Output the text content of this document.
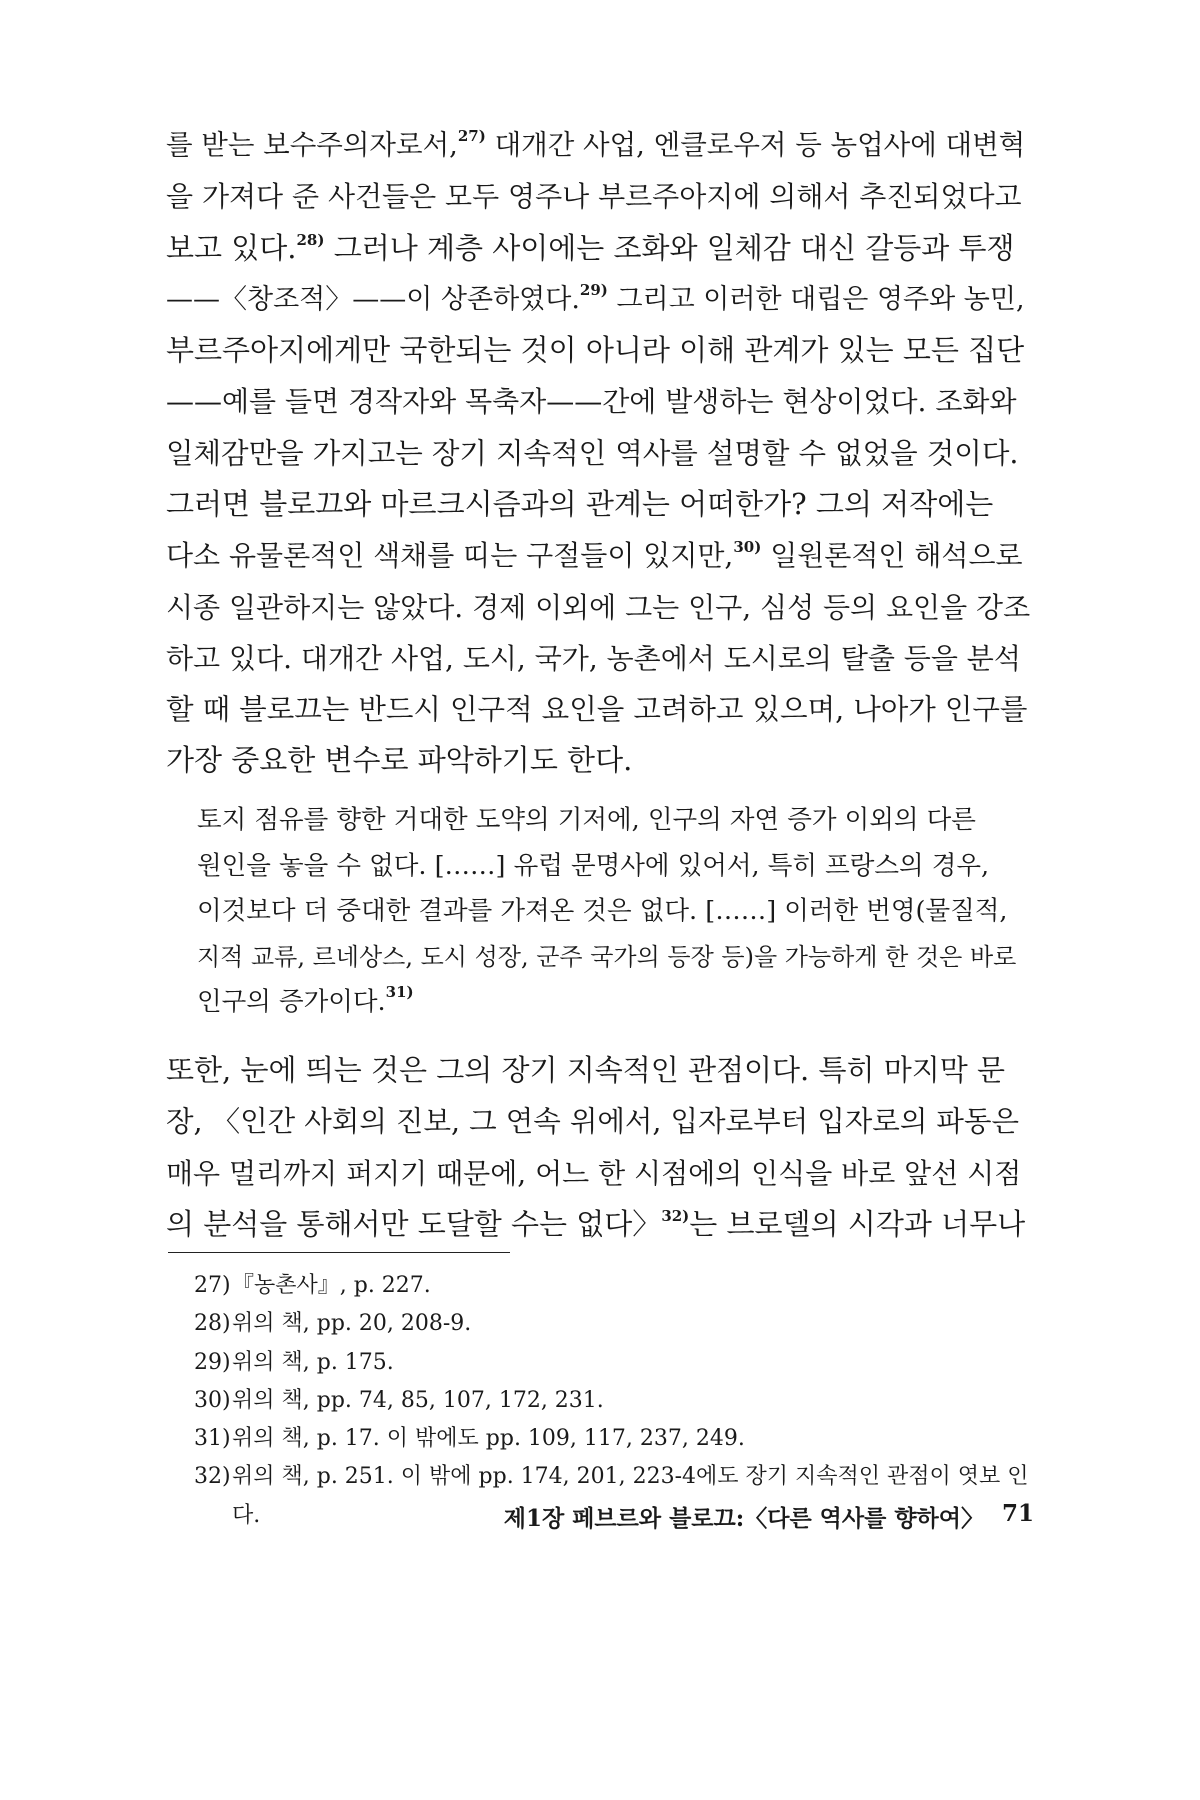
를 받는 보수주의자로서,$^{27)}$ 대개간 사업, 엔클로우저 등 농업사에 대변혁
을 가져다 준 사건들은 모두 영주나 부르주아지에 의해서 추진되었다고
보고 있다.$^{28)}$ 그러나 계층 사이에는 조화와 일체감 대신 갈등과 투쟁
——〈창조적〉——이 상존하였다.$^{29)}$ 그리고 이러한 대립은 영주와 농민,
부르주아지에게만 국한되는 것이 아니라 이해 관계가 있는 모든 집단
——예를 들면 경작자와 목축자——간에 발생하는 현상이었다. 조화와
일체감만을 가지고는 장기 지속적인 역사를 설명할 수 없었을 것이다.
그러면 블로끄와 마르크시즘과의 관계는 어떠한가? 그의 저작에는
다소 유물론적인 색채를 띠는 구절들이 있지만,$^{30)}$ 일원론적인 해석으로
시종 일관하지는 않았다. 경제 이외에 그는 인구, 심성 등의 요인을 강조
하고 있다. 대개간 사업, 도시, 국가, 농촌에서 도시로의 탈출 등을 분석
할 때 블로끄는 반드시 인구적 요인을 고려하고 있으며, 나아가 인구를
가장 중요한 변수로 파악하기도 한다.
토지 점유를 향한 거대한 도약의 기저에, 인구의 자연 증가 이외의 다른
원인을 놓을 수 없다. [……] 유럽 문명사에 있어서, 특히 프랑스의 경우,
이것보다 더 중대한 결과를 가져온 것은 없다. [……] 이러한 번영(물질적,
지적 교류, 르네상스, 도시 성장, 군주 국가의 등장 등)을 가능하게 한 것은 바로
인구의 증가이다.$^{31)}$
또한, 눈에 띄는 것은 그의 장기 지속적인 관점이다. 특히 마지막 문
장, 〈인간 사회의 진보, 그 연속 위에서, 입자로부터 입자로의 파동은
매우 멀리까지 퍼지기 때문에, 어느 한 시점에의 인식을 바로 앞선 시점
의 분석을 통해서만 도달할 수는 없다〉$^{32)}$는 브로델의 시각과 너무나
27) 『농촌사』, p. 227.
28) 위의 책, pp. 20, 208-9.
29) 위의 책, p. 175.
30) 위의 책, pp. 74, 85, 107, 172, 231.
31) 위의 책, p. 17. 이 밖에도 pp. 109, 117, 237, 249.
32) 위의 책, p. 251. 이 밖에 pp. 174, 201, 223-4에도 장기 지속적인 관점이 엿보 인다.	제1장 페브르와 블로끄:〈다른 역사를 향하여〉 71
